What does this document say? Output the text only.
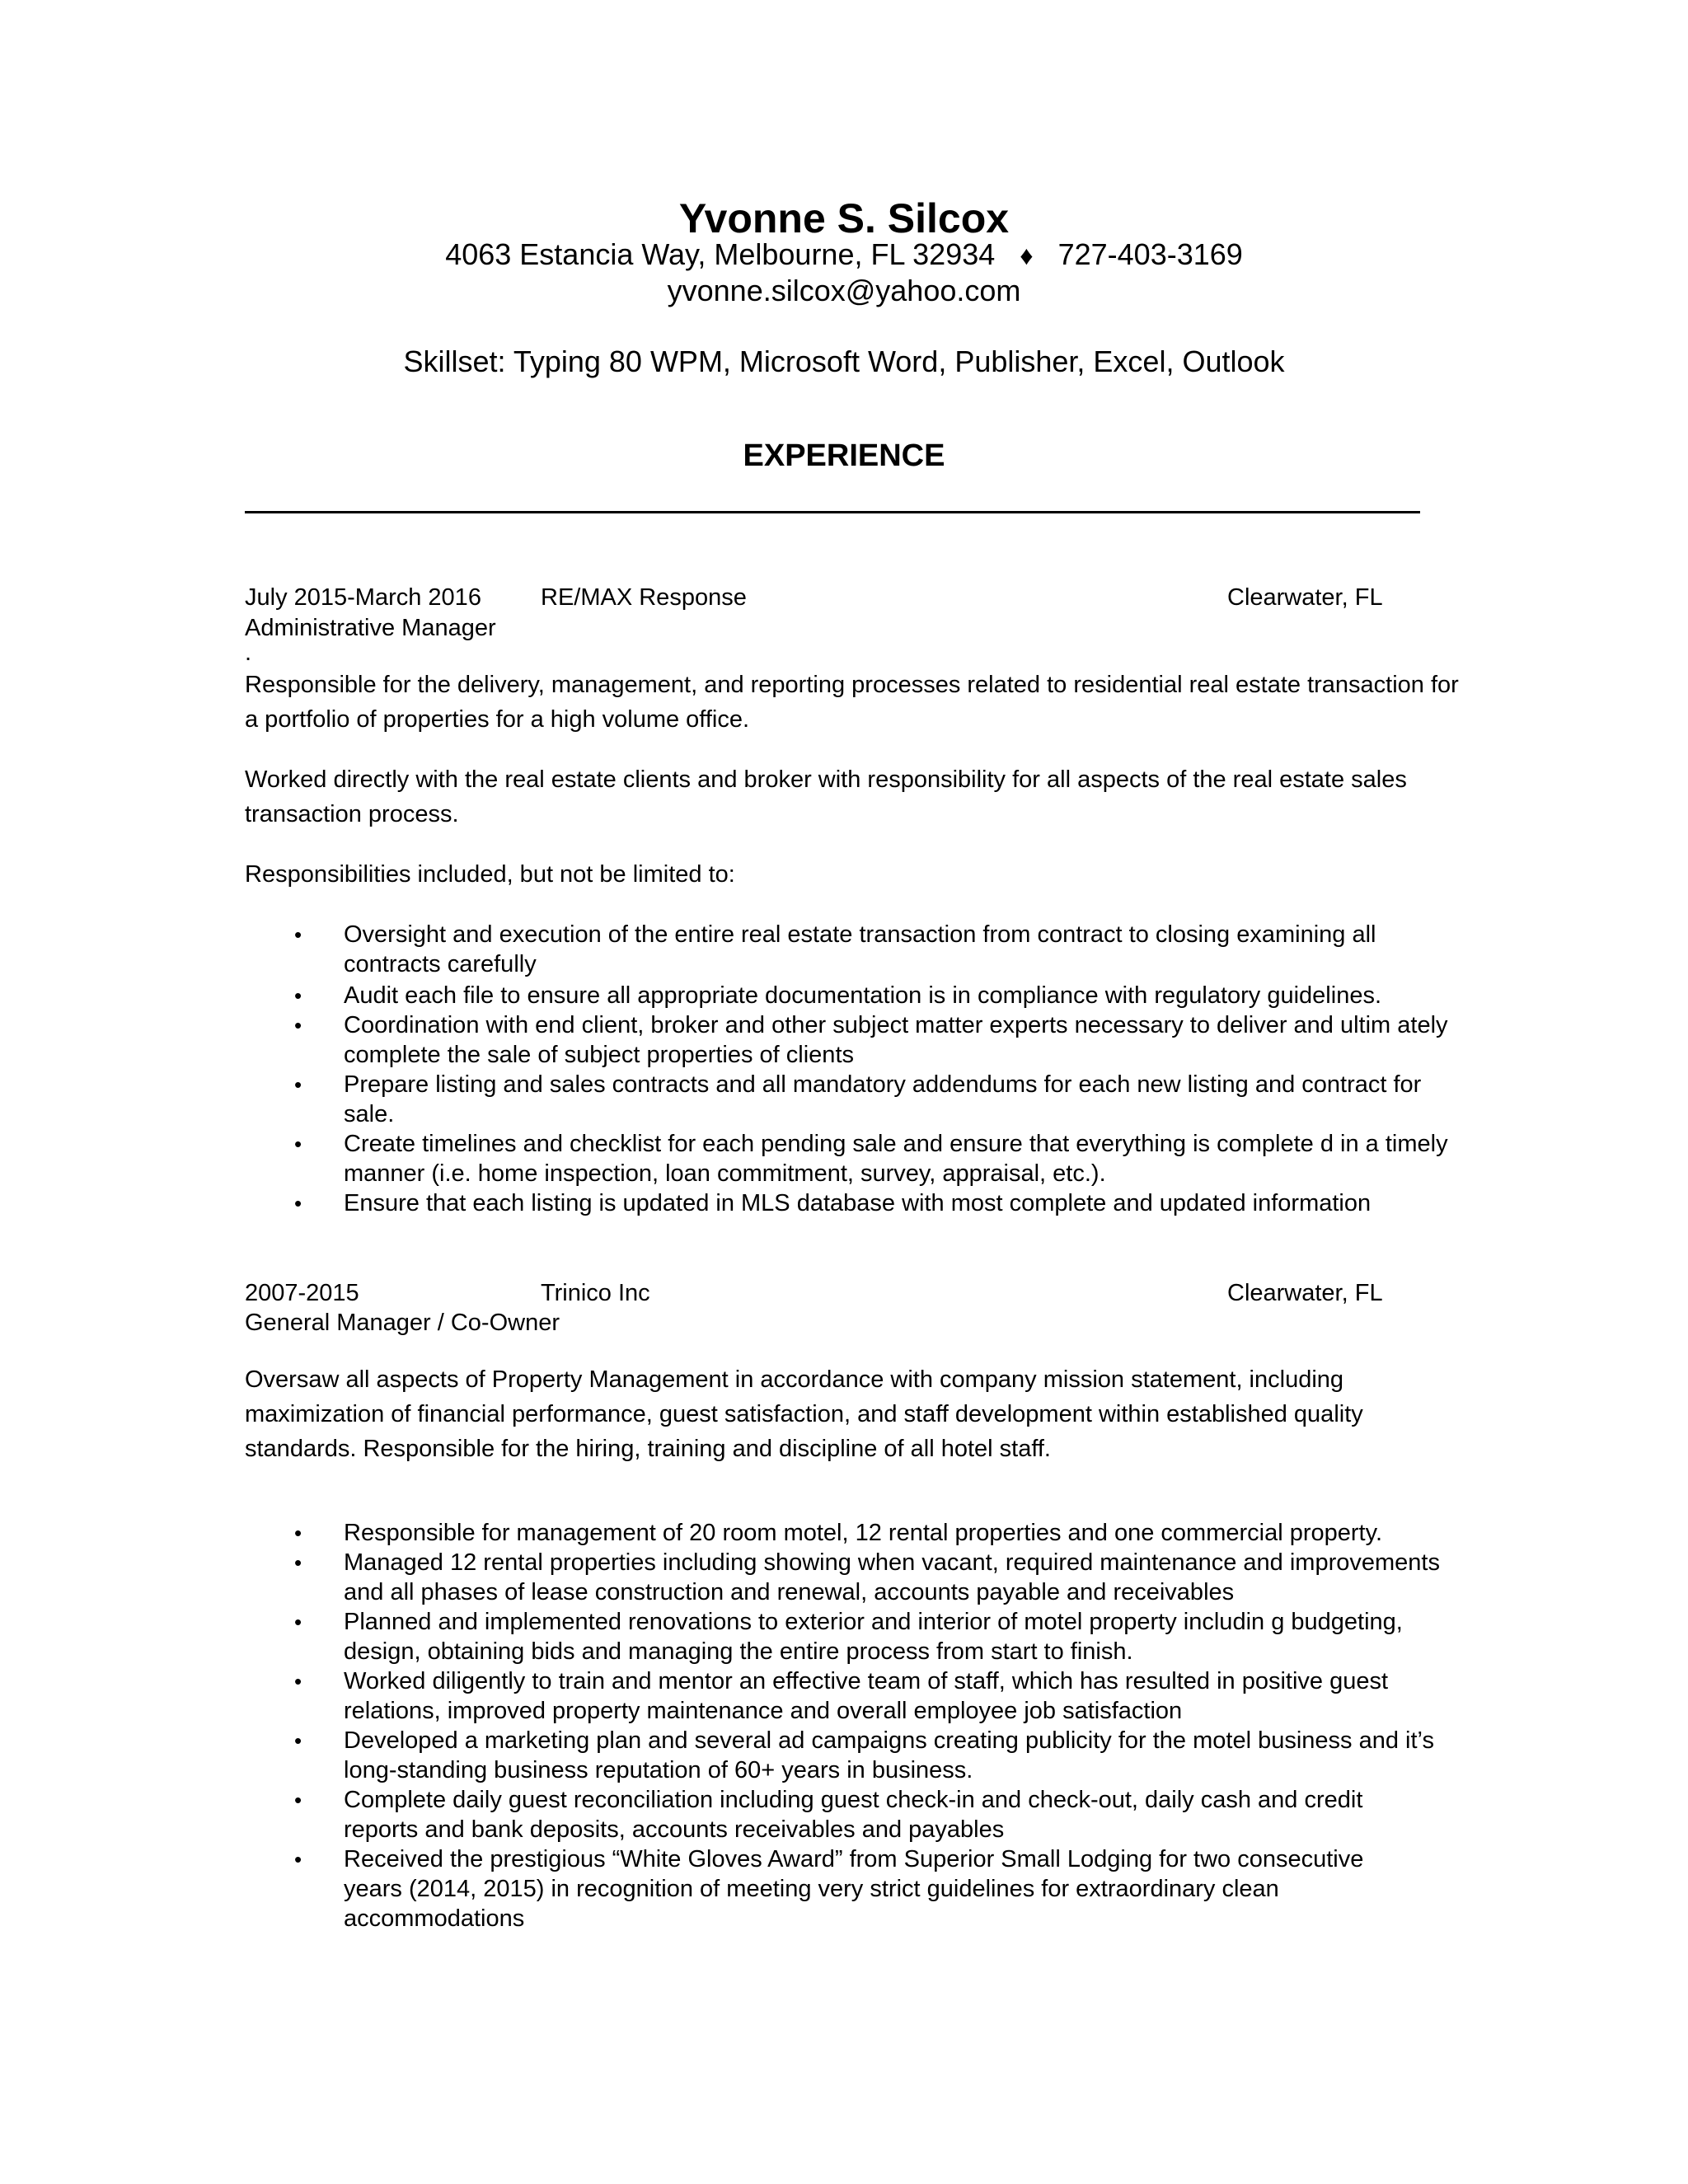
Yvonne S. Silcox
4063 Estancia Way, Melbourne, FL 32934 ♦ 727-403-3169
yvonne.silcox@yahoo.com
Skillset: Typing 80 WPM, Microsoft Word, Publisher, Excel, Outlook
EXPERIENCE
July 2015-March 2016 RE/MAX Response	Clearwater, FL
Administrative Manager
.
Responsible for the delivery, management, and reporting processes related to residential real estate transaction for a portfolio of properties for a high volume office.
Worked directly with the real estate clients and broker with responsibility for all aspects of the real estate sales transaction process.
Responsibilities included, but not be limited to:
• Oversight and execution of the entire real estate transaction from contract to closing examining all
contracts carefully
• Audit each file to ensure all appropriate documentation is in compliance with regulatory guidelines.
• Coordination with end client, broker and other subject matter experts necessary to deliver and ultim ately
complete the sale of subject properties of clients
• Prepare listing and sales contracts and all mandatory addendums for each new listing and contract for
sale.
• Create timelines and checklist for each pending sale and ensure that everything is complete d in a timely
manner (i.e. home inspection, loan commitment, survey, appraisal, etc.).
• Ensure that each listing is updated in MLS database with most complete and updated information
2007-2015	Trinico Inc	Clearwater, FL
General Manager / Co-Owner
Oversaw all aspects of Property Management in accordance with company mission statement, including maximization of financial performance, guest satisfaction, and staff development within established quality standards. Responsible for the hiring, training and discipline of all hotel staff.
• Responsible for management of 20 room motel, 12 rental properties and one commercial property.
• Managed 12 rental properties including showing when vacant, required maintenance and improvements
and all phases of lease construction and renewal, accounts payable and receivables
• Planned and implemented renovations to exterior and interior of motel property includin g budgeting,
design, obtaining bids and managing the entire process from start to finish.
• Worked diligently to train and mentor an effective team of staff, which has resulted in positive guest
relations, improved property maintenance and overall employee job satisfaction
• Developed a marketing plan and several ad campaigns creating publicity for the motel business and it’s
long-standing business reputation of 60+ years in business.
• Complete daily guest reconciliation including guest check-in and check-out, daily cash and credit
reports and bank deposits, accounts receivables and payables
• Received the prestigious “White Gloves Award” from Superior Small Lodging for two consecutive
years (2014, 2015) in recognition of meeting very strict guidelines for extraordinary clean
accommodations
